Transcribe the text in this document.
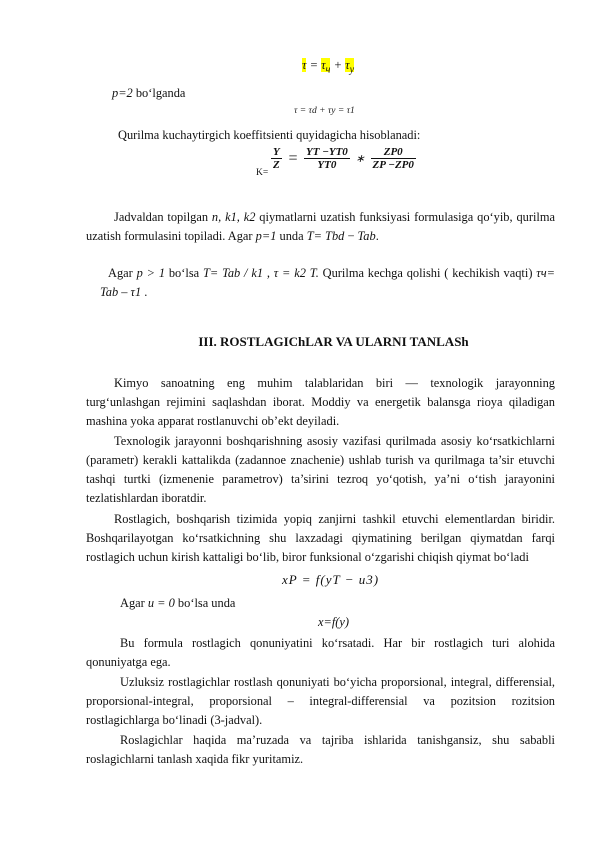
$\tau = \tau_ч + \tau_у$
p=2 bo‘lganda
τ = τd + τy = τ1
Qurilma kuchaytirgich koeffitsienti quyidagicha hisoblanadi:
K=
$\frac{Y}{Z} = \frac{YT -YT0}{YT0}$ ∗ $\frac{ZP0}{ZP -ZP0}$
Jadvaldan topilgan n, k1, k2 qiymatlarni uzatish funksiyasi formulasiga qo‘yib, qurilma uzatish formulasini topiladi. Agar p=1 unda T= Tbd − Tab.
Agar p > 1 bo‘lsa T= Tab / k1 , τ = k2 T. Qurilma kechga qolishi ( kechikish vaqti) τч= Tab – τ1 .
III. ROSTLAGIChLAR VA ULARNI TANLASh
Kimyo sanoatning eng muhim talablaridan biri — texnologik jarayonning turg‘unlashgan rejimini saqlashdan iborat. Moddiy va energetik balansga rioya qiladigan mashina yoka apparat rostlanuvchi ob’ekt deyiladi.
Texnologik jarayonni boshqarishning asosiy vazifasi qurilmada asosiy ko‘rsatkichlarni (parametr) kerakli kattalikda (zadannoe znachenie) ushlab turish va qurilmaga ta’sir etuvchi tashqi turtki (izmenenie parametrov) ta’sirini tezroq yo‘qotish, ya’ni o‘tish jarayonini tezlatishlardan iboratdir.
Rostlagich, boshqarish tizimida yopiq zanjirni tashkil etuvchi elementlardan biridir. Boshqarilayotgan ko‘rsatkichning shu laxzadagi qiymatining berilgan qiymatdan farqi rostlagich uchun kirish kattaligi bo‘lib, biror funksional o‘zgarishi chiqish qiymat bo‘ladi
xP = f(yT − u3)
Agar u = 0 bo‘lsa unda
x=f(y)
Bu formula rostlagich qonuniyatini ko‘rsatadi. Har bir rostlagich turi alohida qonuniyatga ega.
Uzluksiz rostlagichlar rostlash qonuniyati bo‘yicha proporsional, integral, differensial, proporsional-integral, proporsional – integral-differensial va pozitsion rozitsion rostlagichlarga bo‘linadi (3-jadval).
Roslagichlar haqida ma’ruzada va tajriba ishlarida tanishgansiz, shu sababli roslagichlarni tanlash xaqida fikr yuritamiz.
